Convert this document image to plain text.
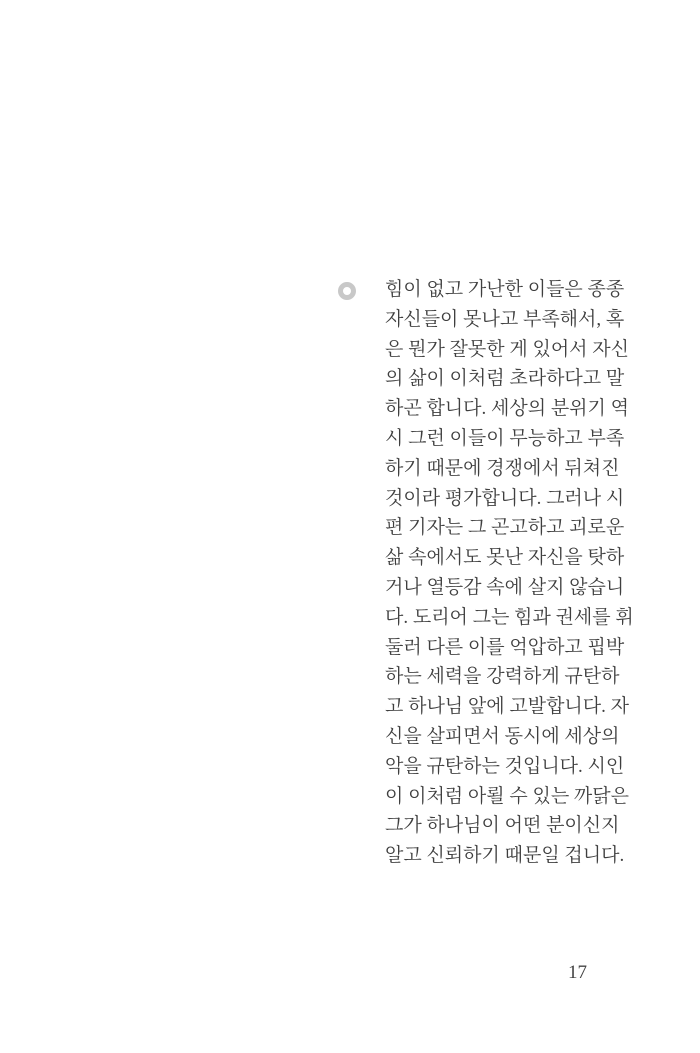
힘이 없고 가난한 이들은 종종
자신들이 못나고 부족해서, 혹
은 뭔가 잘못한 게 있어서 자신
의 삶이 이처럼 초라하다고 말
하곤 합니다. 세상의 분위기 역
시 그런 이들이 무능하고 부족
하기 때문에 경쟁에서 뒤쳐진
것이라 평가합니다. 그러나 시
편 기자는 그 곤고하고 괴로운
삶 속에서도 못난 자신을 탓하
거나 열등감 속에 살지 않습니
다. 도리어 그는 힘과 권세를 휘
둘러 다른 이를 억압하고 핍박
하는 세력을 강력하게 규탄하
고 하나님 앞에 고발합니다. 자
신을 살피면서 동시에 세상의
악을 규탄하는 것입니다. 시인
이 이처럼 아뢸 수 있는 까닭은
그가 하나님이 어떤 분이신지
알고 신뢰하기 때문일 겁니다.
17
